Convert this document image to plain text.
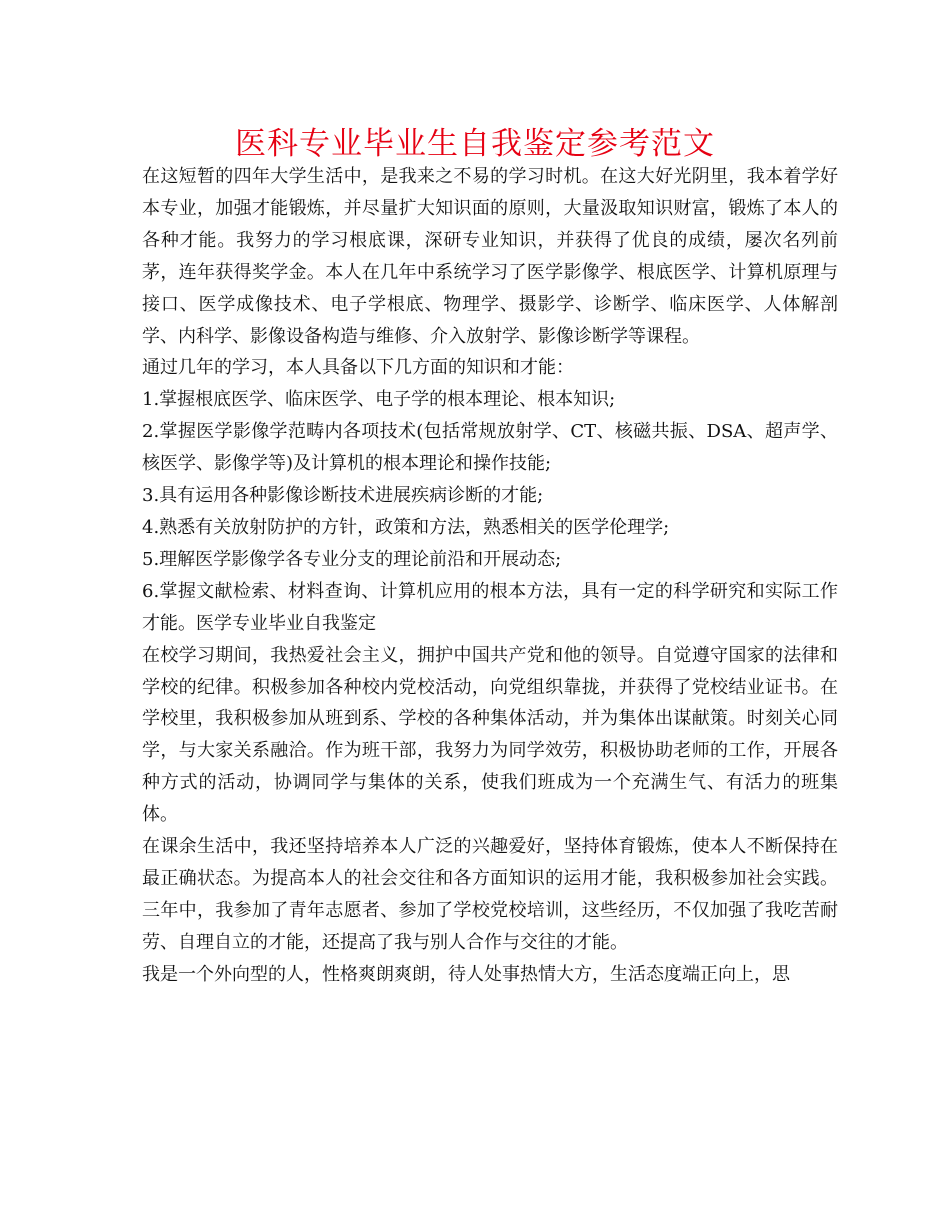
医科专业毕业生自我鉴定参考范文

在这短暂的四年大学生活中，是我来之不易的学习时机。在这大好光阴里，我本着学好本专业，加强才能锻炼，并尽量扩大知识面的原则，大量汲取知识财富，锻炼了本人的各种才能。我努力的学习根底课，深研专业知识，并获得了优良的成绩，屡次名列前茅，连年获得奖学金。本人在几年中系统学习了医学影像学、根底医学、计算机原理与接口、医学成像技术、电子学根底、物理学、摄影学、诊断学、临床医学、人体解剖学、内科学、影像设备构造与维修、介入放射学、影像诊断学等课程。

通过几年的学习，本人具备以下几方面的知识和才能：

1.掌握根底医学、临床医学、电子学的根本理论、根本知识;

2.掌握医学影像学范畴内各项技术(包括常规放射学、CT、核磁共振、DSA、超声学、核医学、影像学等)及计算机的根本理论和操作技能;

3.具有运用各种影像诊断技术进展疾病诊断的才能;

4.熟悉有关放射防护的方针，政策和方法，熟悉相关的医学伦理学;

5.理解医学影像学各专业分支的理论前沿和开展动态;

6.掌握文献检索、材料查询、计算机应用的根本方法，具有一定的科学研究和实际工作才能。医学专业毕业自我鉴定

在校学习期间，我热爱社会主义，拥护中国共产党和他的领导。自觉遵守国家的法律和学校的纪律。积极参加各种校内党校活动，向党组织靠拢，并获得了党校结业证书。在学校里，我积极参加从班到系、学校的各种集体活动，并为集体出谋献策。时刻关心同学，与大家关系融洽。作为班干部，我努力为同学效劳，积极协助老师的工作，开展各种方式的活动，协调同学与集体的关系，使我们班成为一个充满生气、有活力的班集体。

在课余生活中，我还坚持培养本人广泛的兴趣爱好，坚持体育锻炼，使本人不断保持在最正确状态。为提高本人的社会交往和各方面知识的运用才能，我积极参加社会实践。三年中，我参加了青年志愿者、参加了学校党校培训，这些经历，不仅加强了我吃苦耐劳、自理自立的才能，还提高了我与别人合作与交往的才能。

我是一个外向型的人，性格爽朗爽朗，待人处事热情大方，生活态度端正向上，思
